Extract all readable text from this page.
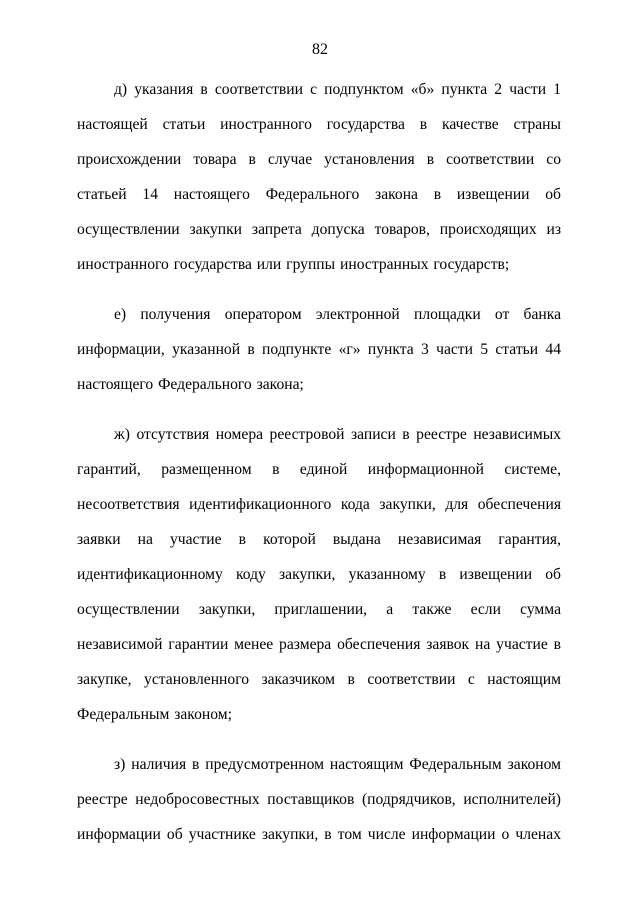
82

д) указания в соответствии с подпунктом «б» пункта 2 части 1 настоящей статьи иностранного государства в качестве страны происхождении товара в случае установления в соответствии со статьей 14 настоящего Федерального закона в извещении об осуществлении закупки запрета допуска товаров, происходящих из иностранного государства или группы иностранных государств;

е) получения оператором электронной площадки от банка информации, указанной в подпункте «г» пункта 3 части 5 статьи 44 настоящего Федерального закона;

ж) отсутствия номера реестровой записи в реестре независимых гарантий, размещенном в единой информационной системе, несоответствия идентификационного кода закупки, для обеспечения заявки на участие в которой выдана независимая гарантия, идентификационному коду закупки, указанному в извещении об осуществлении закупки, приглашении, а также если сумма независимой гарантии менее размера обеспечения заявок на участие в закупке, установленного заказчиком в соответствии с настоящим Федеральным законом;

з) наличия в предусмотренном настоящим Федеральным законом реестре недобросовестных поставщиков (подрядчиков, исполнителей) информации об участнике закупки, в том числе информации о членах
